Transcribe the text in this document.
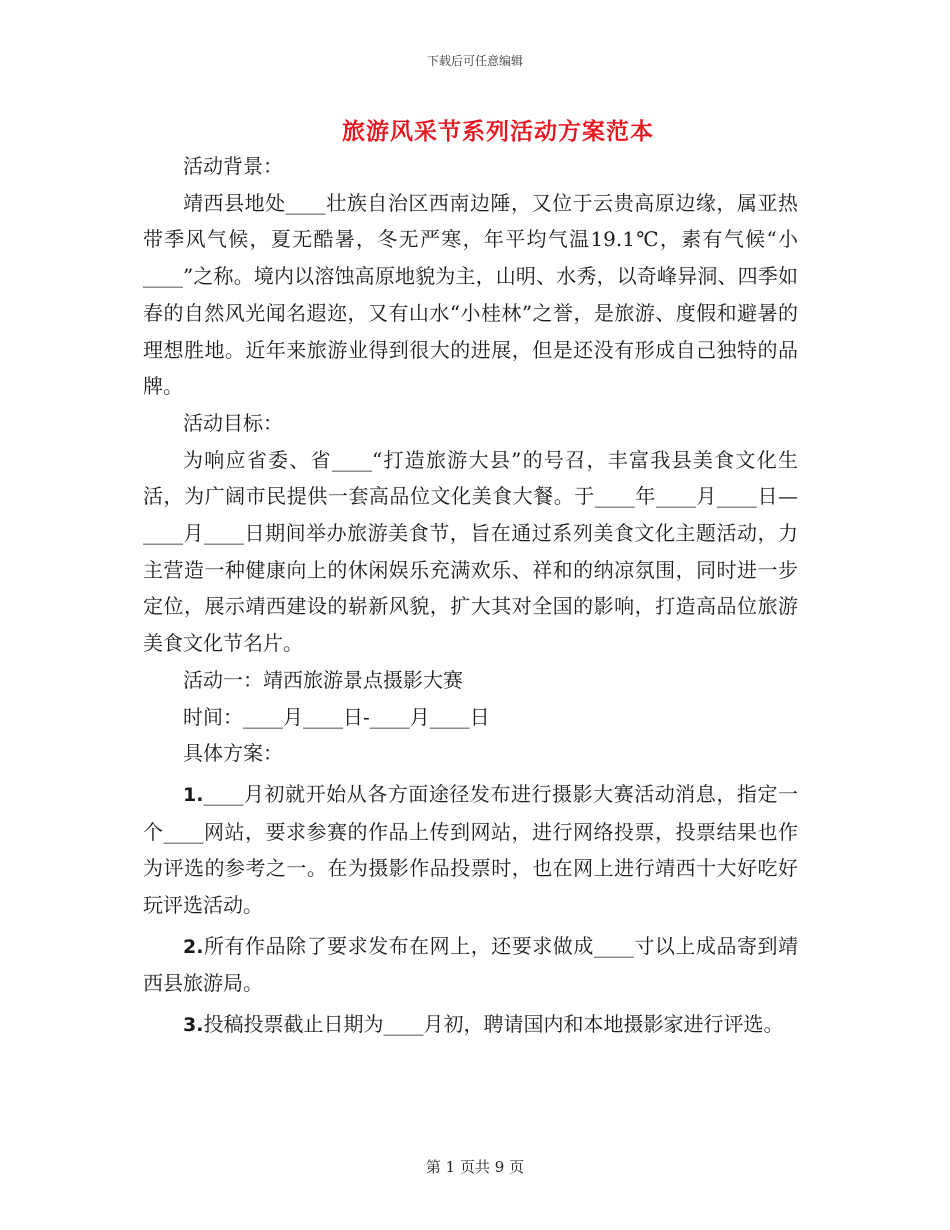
下载后可任意编辑
旅游风采节系列活动方案范本

活动背景：

靖西县地处____壮族自治区西南边陲，又位于云贵高原边缘，属亚热带季风气候，夏无酷暑，冬无严寒，年平均气温19.1℃，素有气候“小____”之称。境内以溶蚀高原地貌为主，山明、水秀，以奇峰异洞、四季如春的自然风光闻名遐迩，又有山水“小桂林”之誉，是旅游、度假和避暑的理想胜地。近年来旅游业得到很大的进展，但是还没有形成自己独特的品牌。

活动目标：

为响应省委、省____“打造旅游大县”的号召，丰富我县美食文化生活，为广阔市民提供一套高品位文化美食大餐。于____年____月____日—____月____日期间举办旅游美食节，旨在通过系列美食文化主题活动，力主营造一种健康向上的休闲娱乐充满欢乐、祥和的纳凉氛围，同时进一步定位，展示靖西建设的崭新风貌，扩大其对全国的影响，打造高品位旅游美食文化节名片。

活动一：靖西旅游景点摄影大赛

时间：____月____日-____月____日

具体方案：

1.____月初就开始从各方面途径发布进行摄影大赛活动消息，指定一个____网站，要求参赛的作品上传到网站，进行网络投票，投票结果也作为评选的参考之一。在为摄影作品投票时，也在网上进行靖西十大好吃好玩评选活动。

2.所有作品除了要求发布在网上，还要求做成____寸以上成品寄到靖西县旅游局。

3.投稿投票截止日期为____月初，聘请国内和本地摄影家进行评选。

第 1 页共 9 页
